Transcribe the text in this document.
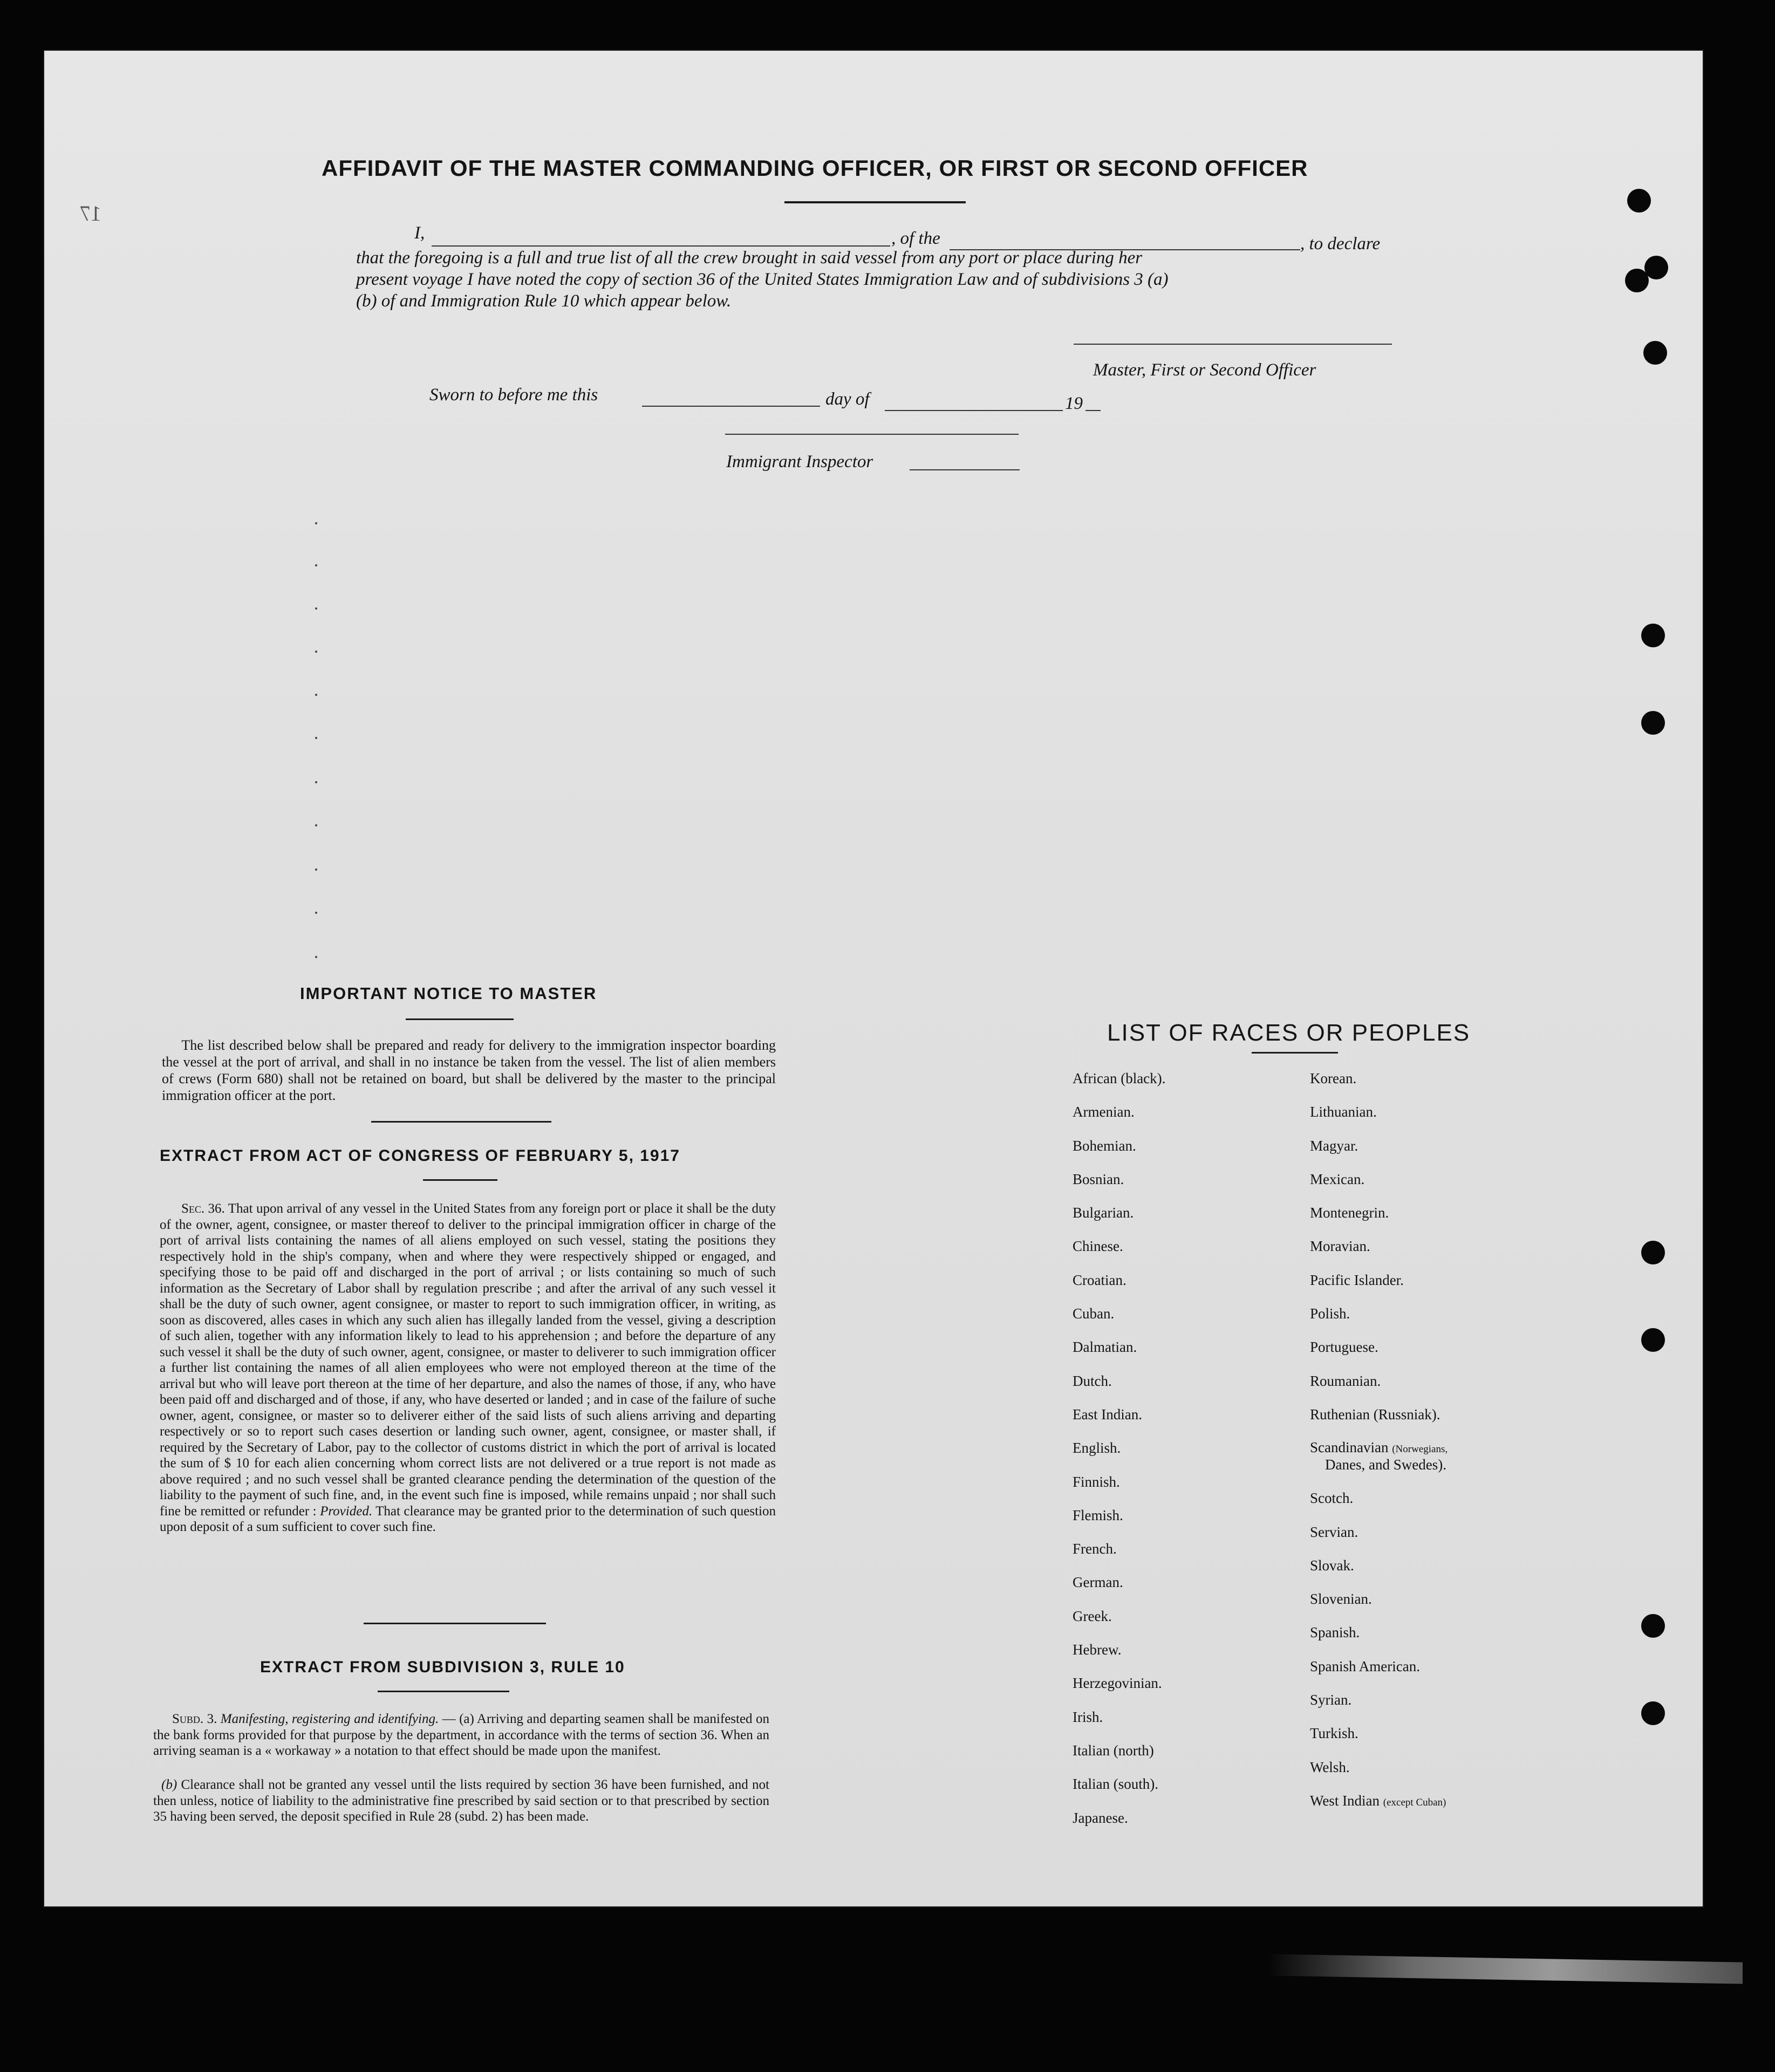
17
AFFIDAVIT OF THE MASTER COMMANDING OFFICER, OR FIRST OR SECOND OFFICER
I,	, of the	, to declare
that the foregoing is a full and true list of all the crew brought in said vessel from any port or place during her
present voyage I have noted the copy of section 36 of the United States Immigration Law and of subdivisions 3 (a)
(b) of and Immigration Rule 10 which appear below.
Master, First or Second Officer
Sworn to before me this	day of	19
Immigrant Inspector
IMPORTANT NOTICE TO MASTER
The list described below shall be prepared and ready for delivery to the immigration inspector boarding the vessel at the port of arrival, and shall in no instance be taken from the vessel. The list of alien members of crews (Form 680) shall not be retained on board, but shall be delivered by the master to the principal immigration officer at the port.
EXTRACT FROM ACT OF CONGRESS OF FEBRUARY 5, 1917
Sec. 36. That upon arrival of any vessel in the United States from any foreign port or place it shall be the duty of the owner, agent, consignee, or master thereof to deliver to the principal immigration officer in charge of the port of arrival lists containing the names of all aliens employed on such vessel, stating the positions they respectively hold in the ship's company, when and where they were respectively shipped or engaged, and specifying those to be paid off and discharged in the port of arrival ; or lists containing so much of such information as the Secretary of Labor shall by regulation prescribe ; and after the arrival of any such vessel it shall be the duty of such owner, agent consignee, or master to report to such immigration officer, in writing, as soon as discovered, alles cases in which any such alien has illegally landed from the vessel, giving a description of such alien, together with any information likely to lead to his apprehension ; and before the departure of any such vessel it shall be the duty of such owner, agent, consignee, or master to deliverer to such immigration officer a further list containing the names of all alien employees who were not employed thereon at the time of the arrival but who will leave port thereon at the time of her departure, and also the names of those, if any, who have been paid off and discharged and of those, if any, who have deserted or landed ; and in case of the failure of suche owner, agent, consignee, or master so to deliverer either of the said lists of such aliens arriving and departing respectively or so to report such cases desertion or landing such owner, agent, consignee, or master shall, if required by the Secretary of Labor, pay to the collector of customs district in which the port of arrival is located the sum of $ 10 for each alien concerning whom correct lists are not delivered or a true report is not made as above required ; and no such vessel shall be granted clearance pending the determination of the question of the liability to the payment of such fine, and, in the event such fine is imposed, while remains unpaid ; nor shall such fine be remitted or refunder : Provided. That clearance may be granted prior to the determination of such question upon deposit of a sum sufficient to cover such fine.
EXTRACT FROM SUBDIVISION 3, RULE 10
Subd. 3. Manifesting, registering and identifying. — (a) Arriving and departing seamen shall be manifested on the bank forms provided for that purpose by the department, in accordance with the terms of section 36. When an arriving seaman is a « workaway » a notation to that effect should be made upon the manifest.
(b) Clearance shall not be granted any vessel until the lists required by section 36 have been furnished, and not then unless, notice of liability to the administrative fine prescribed by said section or to that prescribed by section 35 having been served, the deposit specified in Rule 28 (subd. 2) has been made.
LIST OF RACES OR PEOPLES
African (black).
Armenian.
Bohemian.
Bosnian.
Bulgarian.
Chinese.
Croatian.
Cuban.
Dalmatian.
Dutch.
East Indian.
English.
Finnish.
Flemish.
French.
German.
Greek.
Hebrew.
Herzegovinian.
Irish.
Italian (north)
Italian (south).
Japanese.
Korean.
Lithuanian.
Magyar.
Mexican.
Montenegrin.
Moravian.
Pacific Islander.
Polish.
Portuguese.
Roumanian.
Ruthenian (Russniak).
Scandinavian (Norwegians,
Danes, and Swedes).
Scotch.
Servian.
Slovak.
Slovenian.
Spanish.
Spanish American.
Syrian.
Turkish.
Welsh.
West Indian (except Cuban)
